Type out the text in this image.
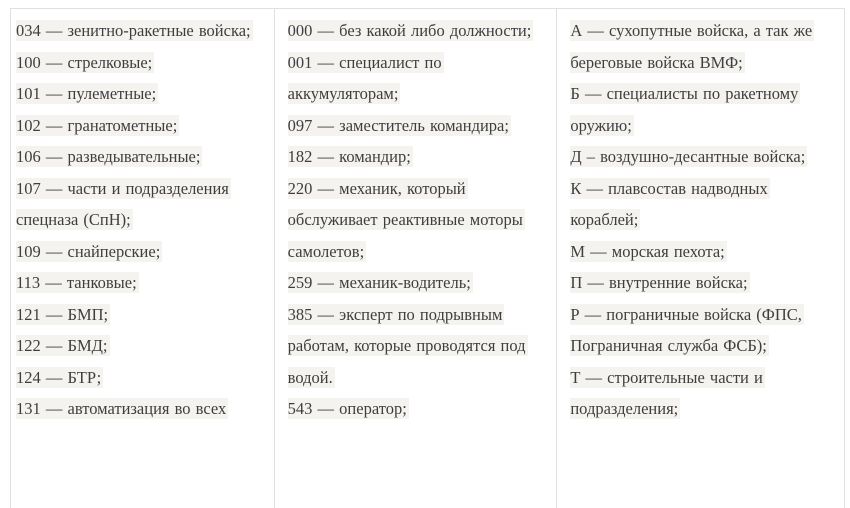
034 — зенитно-ракетные войска;

100 — стрелковые;

101 — пулеметные;

102 — гранатометные;

106 — разведывательные;

107 — части и подразделения спецназа (СпН);

109 — снайперские;

113 — танковые;

121 — БМП;

122 — БМД;

124 — БТР;

131 — автоматизация во всех

000 — без какой либо должности;

001 — специалист по аккумуляторам;

097 — заместитель командира;

182 — командир;

220 — механик, который обслуживает реактивные моторы самолетов;

259 — механик-водитель;

385 — эксперт по подрывным работам, которые проводятся под водой.

543 — оператор;

А — сухопутные войска, а так же береговые войска ВМФ;

Б — специалисты по ракетному оружию;

Д – воздушно-десантные войска;

К — плавсостав надводных кораблей;

М — морская пехота;

П — внутренние войска;

Р — пограничные войска (ФПС, Пограничная служба ФСБ);

Т — строительные части и подразделения;
